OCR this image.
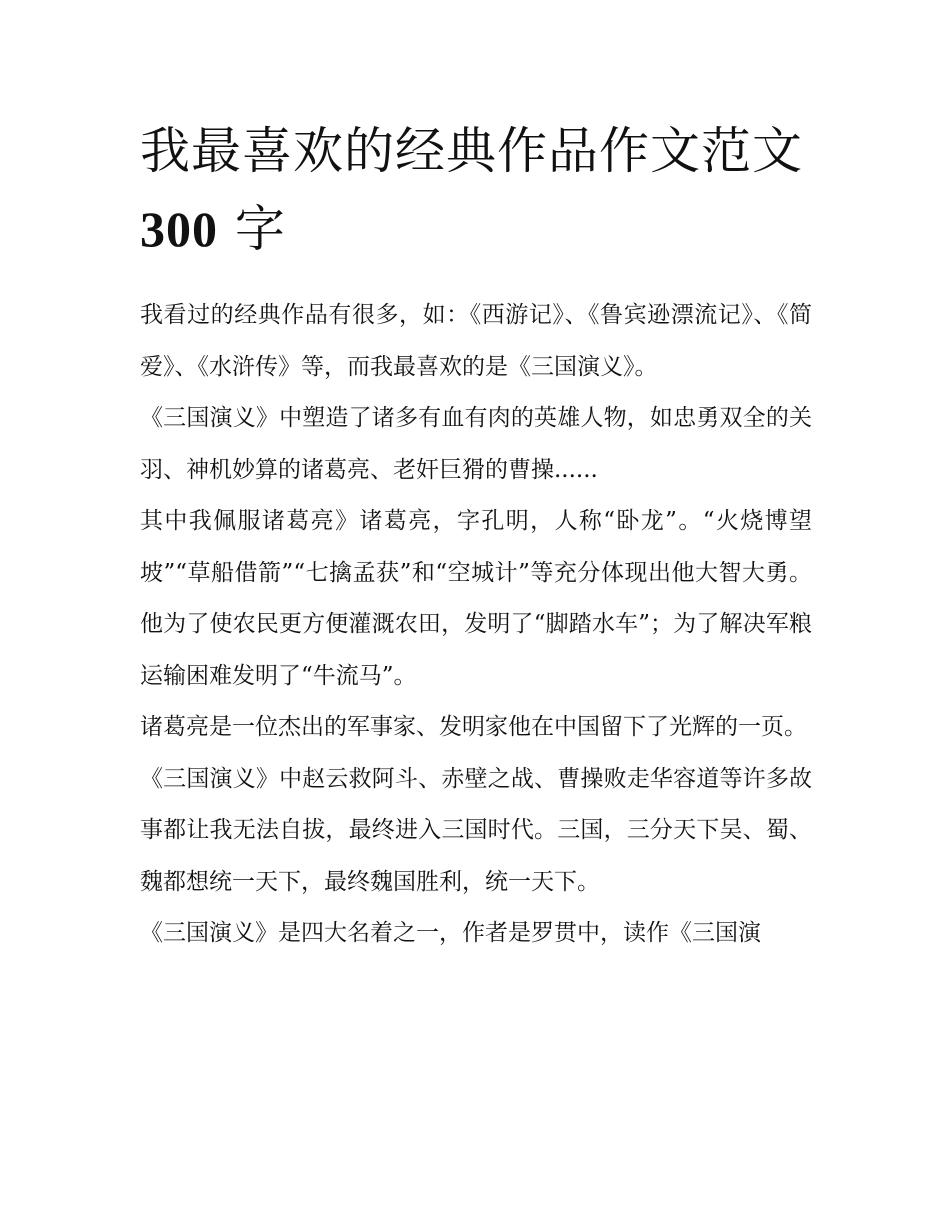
我最喜欢的经典作品作文范文
300 字

我看过的经典作品有很多，如：《西游记》、《鲁宾逊漂流记》、《简爱》、《水浒传》等，而我最喜欢的是《三国演义》。

《三国演义》中塑造了诸多有血有肉的英雄人物，如忠勇双全的关羽、神机妙算的诸葛亮、老奸巨猾的曹操......

其中我佩服诸葛亮》诸葛亮，字孔明，人称“卧龙”。“火烧博望坡”“草船借箭”“七擒孟获”和“空城计”等充分体现出他大智大勇。他为了使农民更方便灌溉农田，发明了“脚踏水车”；为了解决军粮运输困难发明了“牛流马”。

诸葛亮是一位杰出的军事家、发明家他在中国留下了光辉的一页。

《三国演义》中赵云救阿斗、赤壁之战、曹操败走华容道等许多故事都让我无法自拔，最终进入三国时代。三国，三分天下吴、蜀、魏都想统一天下，最终魏国胜利，统一天下。

《三国演义》是四大名着之一，作者是罗贯中，读作《三国演
